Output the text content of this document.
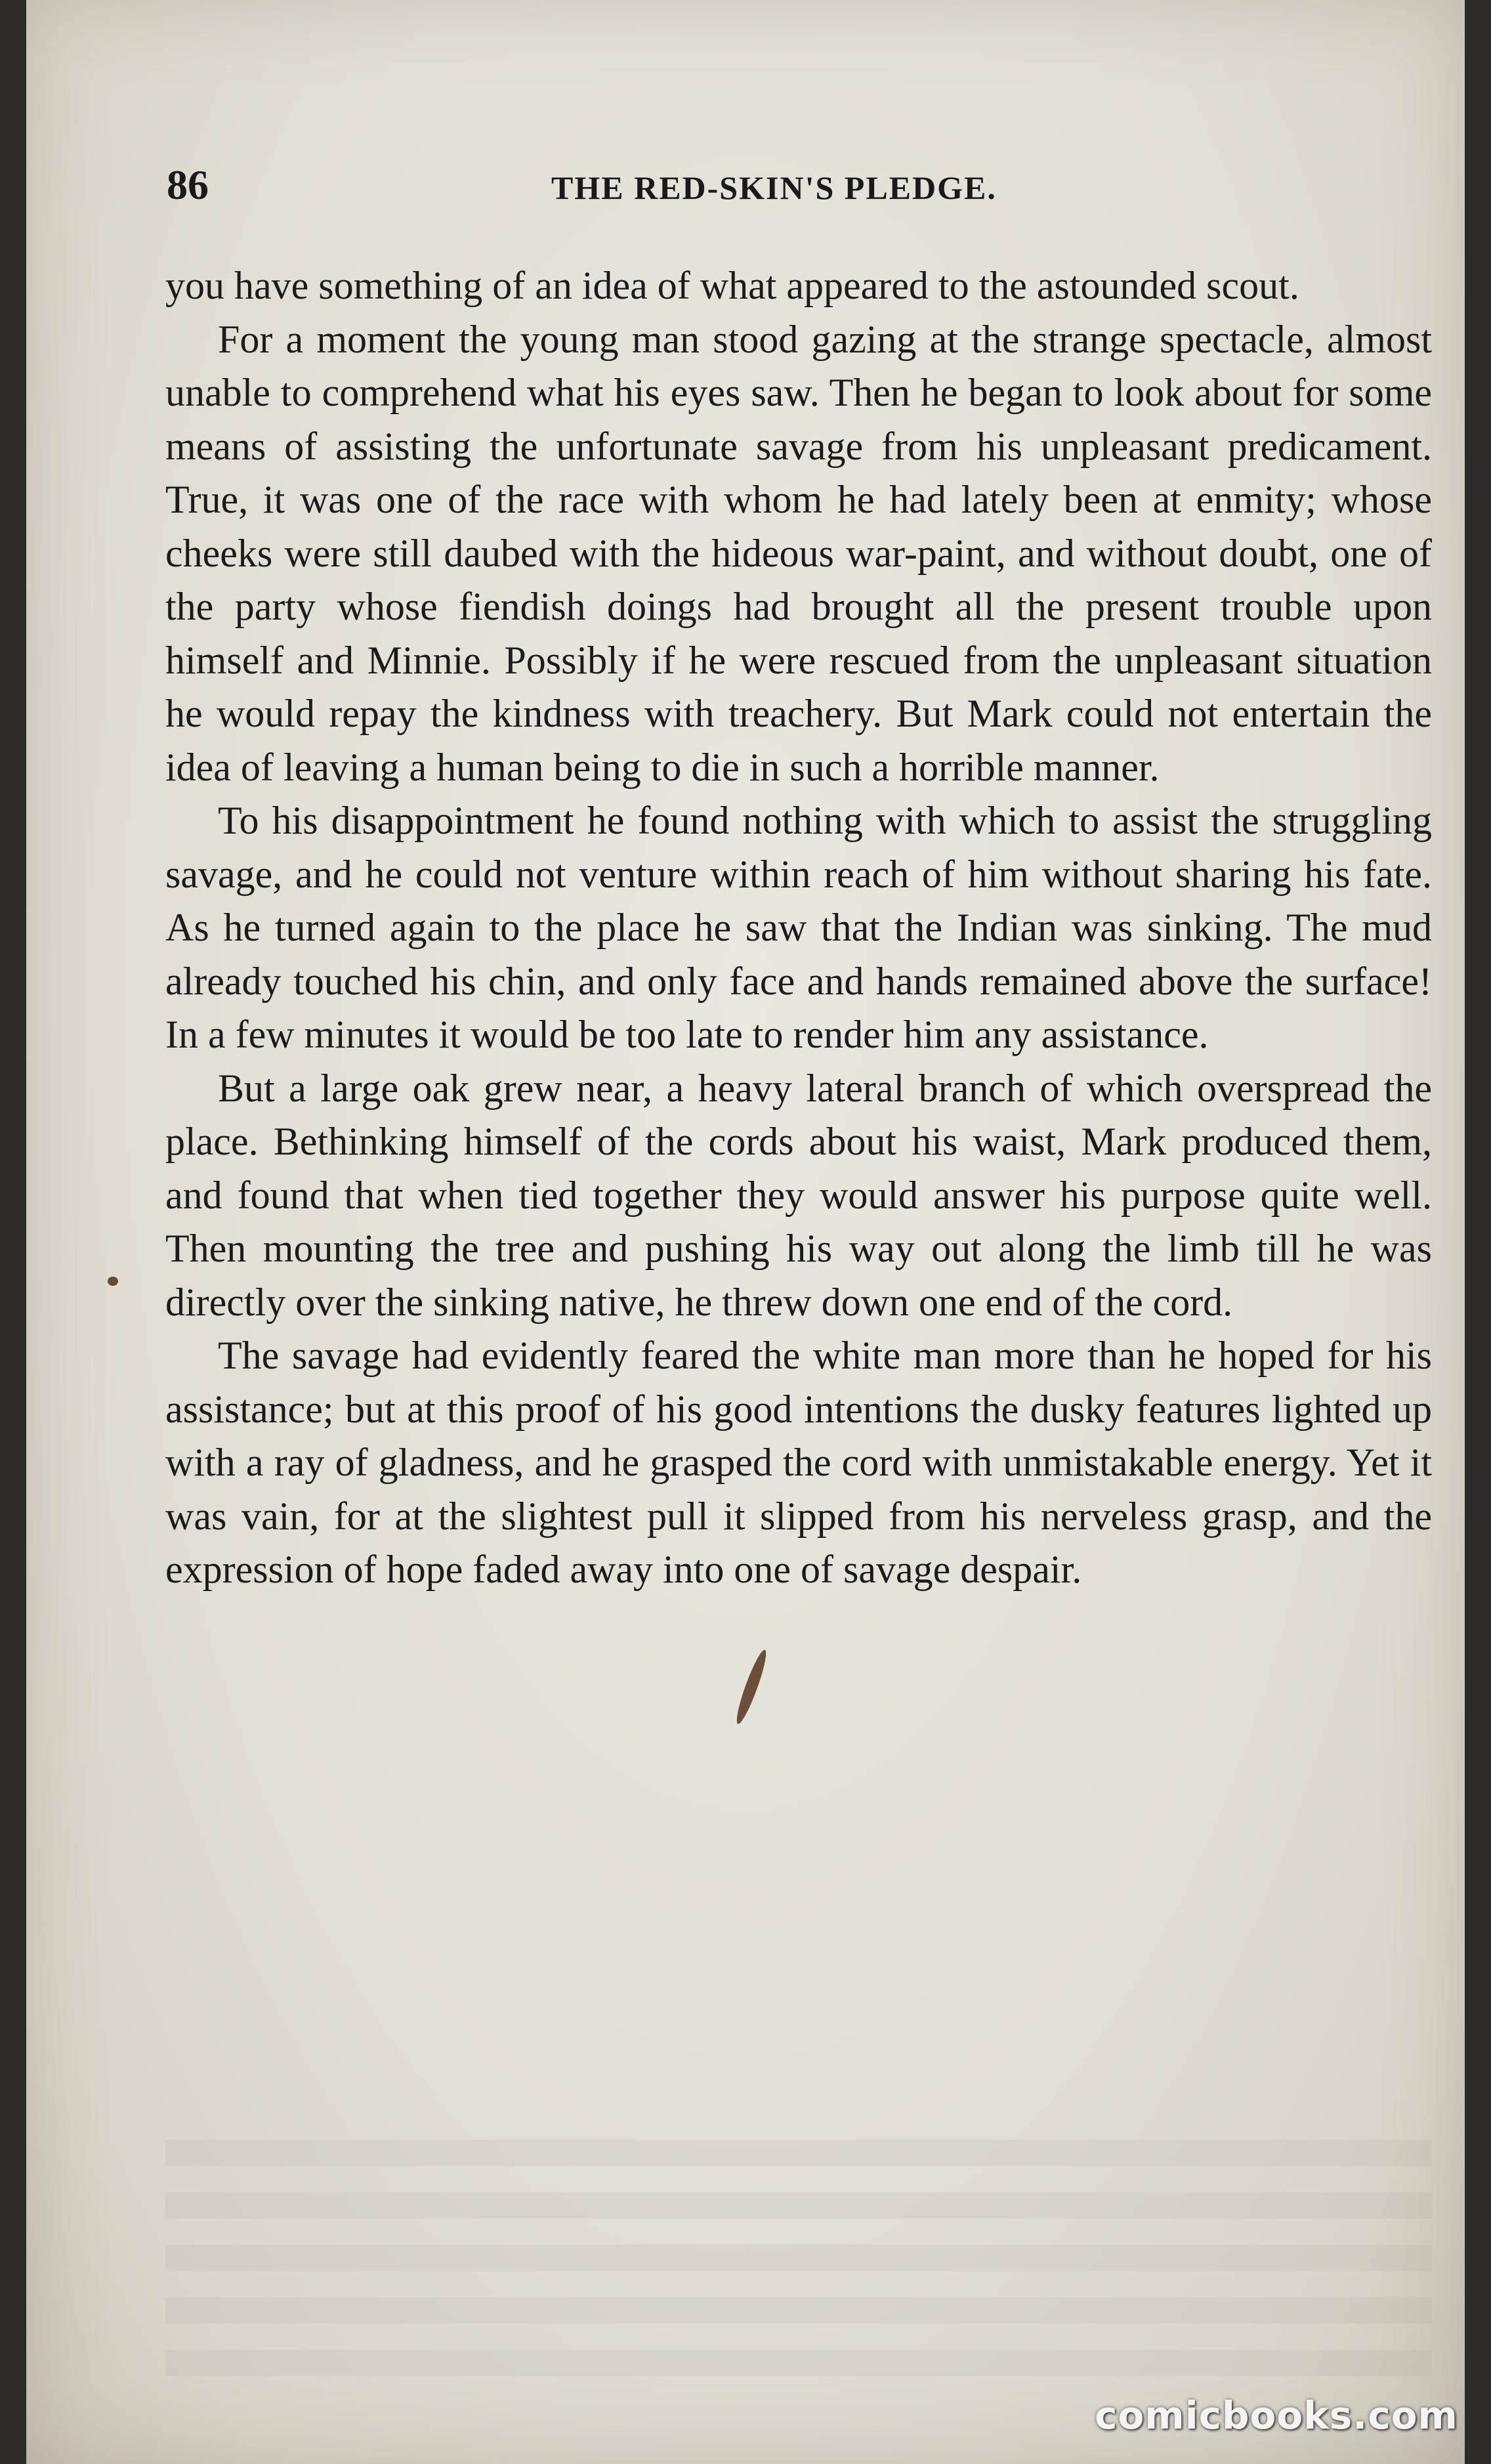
86	THE RED-SKIN'S PLEDGE.

you have something of an idea of what appeared to the astounded scout.

For a moment the young man stood gazing at the strange spectacle, almost unable to comprehend what his eyes saw. Then he began to look about for some means of assisting the unfortunate savage from his unpleasant predicament. True, it was one of the race with whom he had lately been at enmity; whose cheeks were still daubed with the hideous war-paint, and without doubt, one of the party whose fiendish doings had brought all the present trouble upon himself and Minnie. Possibly if he were rescued from the unpleasant situation he would repay the kindness with treachery. But Mark could not entertain the idea of leaving a human being to die in such a horrible manner.

To his disappointment he found nothing with which to assist the struggling savage, and he could not venture within reach of him without sharing his fate. As he turned again to the place he saw that the Indian was sinking. The mud already touched his chin, and only face and hands remained above the surface! In a few minutes it would be too late to render him any assistance.

But a large oak grew near, a heavy lateral branch of which overspread the place. Bethinking himself of the cords about his waist, Mark produced them, and found that when tied together they would answer his purpose quite well. Then mounting the tree and pushing his way out along the limb till he was directly over the sinking native, he threw down one end of the cord.

The savage had evidently feared the white man more than he hoped for his assistance; but at this proof of his good intentions the dusky features lighted up with a ray of gladness, and he grasped the cord with unmistakable energy. Yet it was vain, for at the slightest pull it slipped from his nerveless grasp, and the expression of hope faded away into one of savage despair.

comicbooks.com
